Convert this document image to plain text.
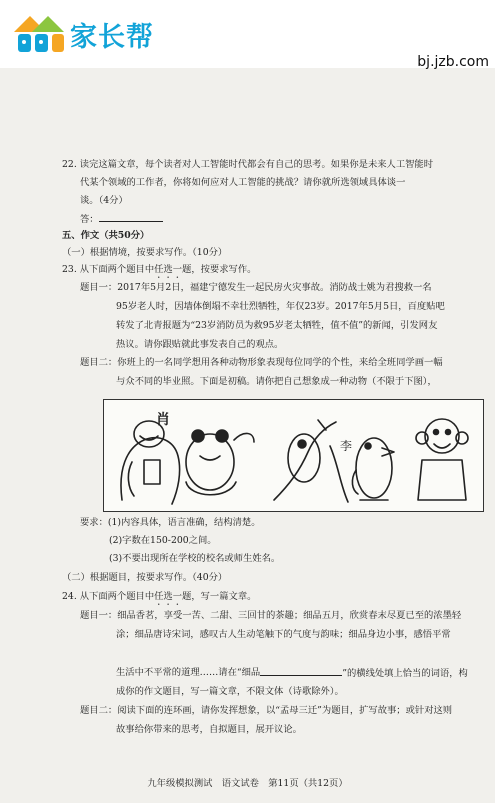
家长帮
bj.jzb.com
22. 读完这篇文章，每个读者对人工智能时代都会有自己的思考。如果你是未来人工智能时
代某个领域的工作者，你将如何应对人工智能的挑战？请你就所选领域具体谈一
谈。（4分）
答：
五、作文（共50分）
（一）根据情境，按要求写作。（10分）
23. 从下面两个题目中任选一题，按要求写作。
题目一：2017年5月2日，福建宁德发生一起民房火灾事故。消防战士姚为君搜救一名
95岁老人时，因墙体倒塌不幸壮烈牺牲，年仅23岁。2017年5月5日，百度贴吧
转发了北青报题为“23岁消防员为救95岁老太牺牲，值不值”的新闻，引发网友
热议。请你跟贴就此事发表自己的观点。
题目二：你班上的一名同学想用各种动物形象表现每位同学的个性，来给全班同学画一幅
与众不同的毕业照。下面是初稿。请你把自己想象成一种动物（不限于下图），
肖
李
要求：(1)内容具体，语言准确，结构清楚。
(2)字数在150-200之间。
(3)不要出现所在学校的校名或师生姓名。
（二）根据题目，按要求写作。（40分）
24. 从下面两个题目中任选一题，写一篇文章。
题目一：细品香茗，享受一苦、二甜、三回甘的茶趣；细品五月，欣赏春末尽夏已至的浓墨轻
涂；细品唐诗宋词，感叹古人生动笔触下的气度与韵味；细品身边小事，感悟平常
生活中不平常的道理……请在“细品	”的横线处填上恰当的词语，构
成你的作文题目，写一篇文章，不限文体（诗歌除外）。
题目二：阅读下面的连环画，请你发挥想象，以“孟母三迁”为题目，扩写故事；或针对这则
故事给你带来的思考，自拟题目，展开议论。
九年级模拟测试　语文试卷　第11页（共12页）
